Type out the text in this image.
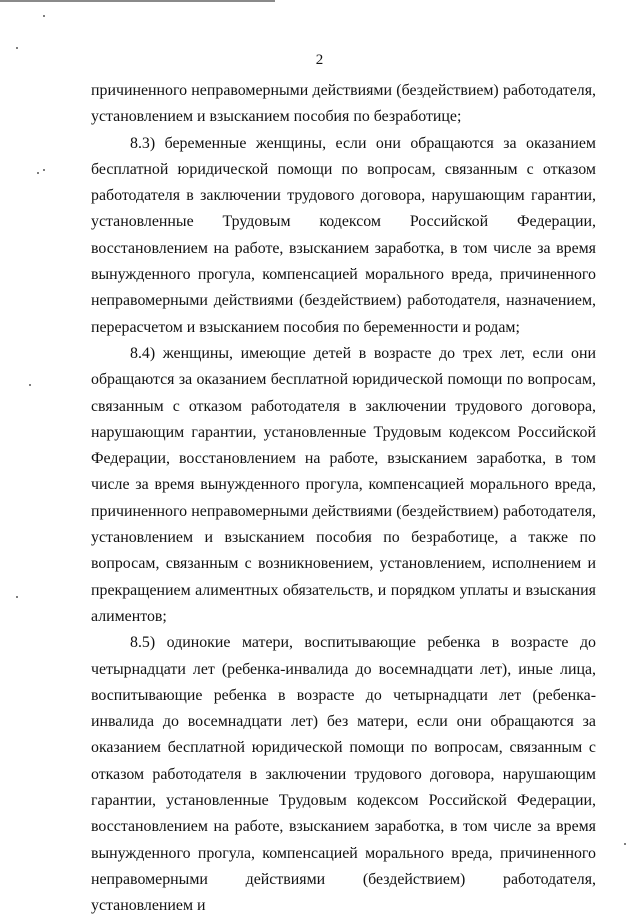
2

причиненного неправомерными действиями (бездействием) работодателя, установлением и взысканием пособия по безработице;

8.3) беременные женщины, если они обращаются за оказанием бесплатной юридической помощи по вопросам, связанным с отказом работодателя в заключении трудового договора, нарушающим гарантии, установленные Трудовым кодексом Российской Федерации, восстановлением на работе, взысканием заработка, в том числе за время вынужденного прогула, компенсацией морального вреда, причиненного неправомерными действиями (бездействием) работодателя, назначением, перерасчетом и взысканием пособия по беременности и родам;

8.4) женщины, имеющие детей в возрасте до трех лет, если они обращаются за оказанием бесплатной юридической помощи по вопросам, связанным с отказом работодателя в заключении трудового договора, нарушающим гарантии, установленные Трудовым кодексом Российской Федерации, восстановлением на работе, взысканием заработка, в том числе за время вынужденного прогула, компенсацией морального вреда, причиненного неправомерными действиями (бездействием) работодателя, установлением и взысканием пособия по безработице, а также по вопросам, связанным с возникновением, установлением, исполнением и прекращением алиментных обязательств, и порядком уплаты и взыскания алиментов;

8.5) одинокие матери, воспитывающие ребенка в возрасте до четырнадцати лет (ребенка-инвалида до восемнадцати лет), иные лица, воспитывающие ребенка в возрасте до четырнадцати лет (ребенка-инвалида до восемнадцати лет) без матери, если они обращаются за оказанием бесплатной юридической помощи по вопросам, связанным с отказом работодателя в заключении трудового договора, нарушающим гарантии, установленные Трудовым кодексом Российской Федерации, восстановлением на работе, взысканием заработка, в том числе за время вынужденного прогула, компенсацией морального вреда, причиненного неправомерными действиями (бездействием) работодателя, установлением и
